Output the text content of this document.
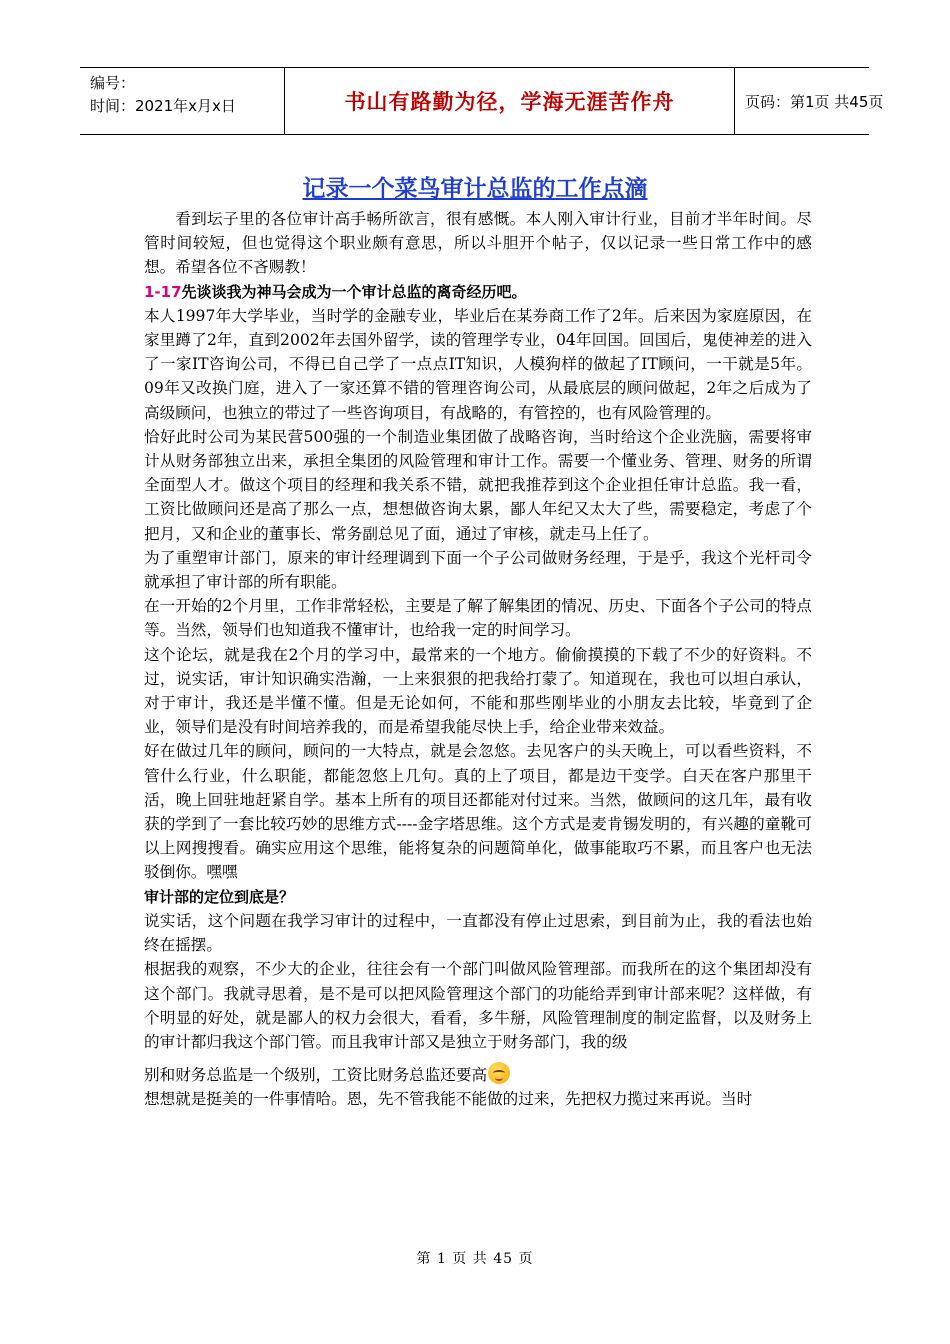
编号：
时间：2021年x月x日	书山有路勤为径，学海无涯苦作舟	页码：第1页 共45页
记录一个菜鸟审计总监的工作点滴

看到坛子里的各位审计高手畅所欲言，很有感慨。本人刚入审计行业，目前才半年时间。尽管时间较短，但也觉得这个职业颇有意思，所以斗胆开个帖子，仅以记录一些日常工作中的感想。希望各位不吝赐教！

1-17先谈谈我为神马会成为一个审计总监的离奇经历吧。

本人1997年大学毕业，当时学的金融专业，毕业后在某券商工作了2年。后来因为家庭原因，在家里蹲了2年，直到2002年去国外留学，读的管理学专业，04年回国。回国后，鬼使神差的进入了一家IT咨询公司，不得已自己学了一点点IT知识，人模狗样的做起了IT顾问，一干就是5年。09年又改换门庭，进入了一家还算不错的管理咨询公司，从最底层的顾问做起，2年之后成为了高级顾问，也独立的带过了一些咨询项目，有战略的，有管控的，也有风险管理的。

恰好此时公司为某民营500强的一个制造业集团做了战略咨询，当时给这个企业洗脑，需要将审计从财务部独立出来，承担全集团的风险管理和审计工作。需要一个懂业务、管理、财务的所谓全面型人才。做这个项目的经理和我关系不错，就把我推荐到这个企业担任审计总监。我一看，工资比做顾问还是高了那么一点，想想做咨询太累，鄙人年纪又太大了些，需要稳定，考虑了个把月，又和企业的董事长、常务副总见了面，通过了审核，就走马上任了。

为了重塑审计部门，原来的审计经理调到下面一个子公司做财务经理，于是乎，我这个光杆司令就承担了审计部的所有职能。

在一开始的2个月里，工作非常轻松，主要是了解了解集团的情况、历史、下面各个子公司的特点等。当然，领导们也知道我不懂审计，也给我一定的时间学习。

这个论坛，就是我在2个月的学习中，最常来的一个地方。偷偷摸摸的下载了不少的好资料。不过，说实话，审计知识确实浩瀚，一上来狠狠的把我给打蒙了。知道现在，我也可以坦白承认，对于审计，我还是半懂不懂。但是无论如何，不能和那些刚毕业的小朋友去比较，毕竟到了企业，领导们是没有时间培养我的，而是希望我能尽快上手，给企业带来效益。

好在做过几年的顾问，顾问的一大特点，就是会忽悠。去见客户的头天晚上，可以看些资料，不管什么行业，什么职能，都能忽悠上几句。真的上了项目，都是边干变学。白天在客户那里干活，晚上回驻地赶紧自学。基本上所有的项目还都能对付过来。当然，做顾问的这几年，最有收获的学到了一套比较巧妙的思维方式----金字塔思维。这个方式是麦肯锡发明的，有兴趣的童靴可以上网搜搜看。确实应用这个思维，能将复杂的问题简单化，做事能取巧不累，而且客户也无法驳倒你。嘿嘿

审计部的定位到底是？

说实话，这个问题在我学习审计的过程中，一直都没有停止过思索，到目前为止，我的看法也始终在摇摆。

根据我的观察，不少大的企业，往往会有一个部门叫做风险管理部。而我所在的这个集团却没有这个部门。我就寻思着，是不是可以把风险管理这个部门的功能给弄到审计部来呢？这样做，有个明显的好处，就是鄙人的权力会很大，看看，多牛掰，风险管理制度的制定监督，以及财务上的审计都归我这个部门管。而且我审计部又是独立于财务部门，我的级

别和财务总监是一个级别，工资比财务总监还要高

想想就是挺美的一件事情哈。恩，先不管我能不能做的过来，先把权力揽过来再说。当时

第 1 页 共 45 页
